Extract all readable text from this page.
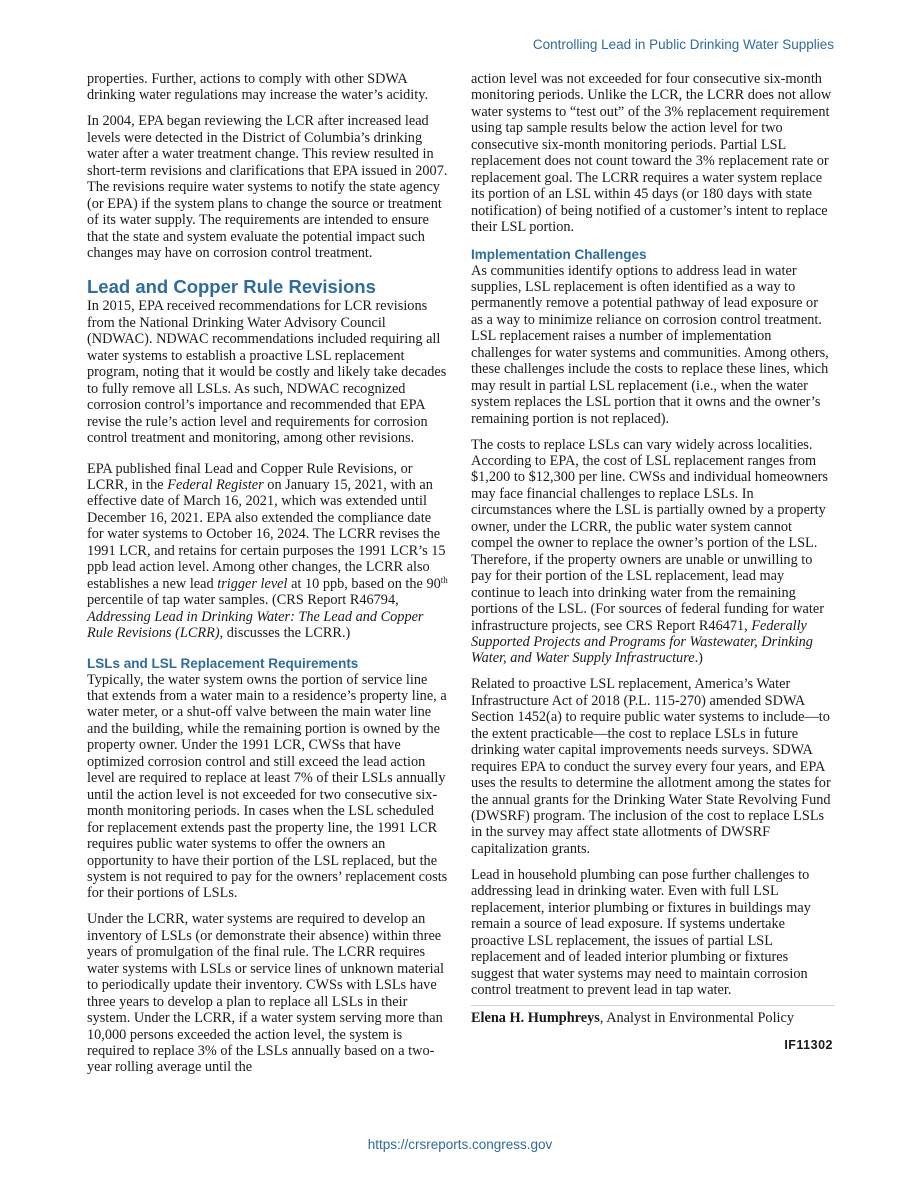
Controlling Lead in Public Drinking Water Supplies

properties. Further, actions to comply with other SDWA drinking water regulations may increase the water’s acidity.

In 2004, EPA began reviewing the LCR after increased lead levels were detected in the District of Columbia’s drinking water after a water treatment change. This review resulted in short-term revisions and clarifications that EPA issued in 2007. The revisions require water systems to notify the state agency (or EPA) if the system plans to change the source or treatment of its water supply. The requirements are intended to ensure that the state and system evaluate the potential impact such changes may have on corrosion control treatment.

Lead and Copper Rule Revisions

In 2015, EPA received recommendations for LCR revisions from the National Drinking Water Advisory Council (NDWAC). NDWAC recommendations included requiring all water systems to establish a proactive LSL replacement program, noting that it would be costly and likely take decades to fully remove all LSLs. As such, NDWAC recognized corrosion control’s importance and recommended that EPA revise the rule’s action level and requirements for corrosion control treatment and monitoring, among other revisions.

EPA published final Lead and Copper Rule Revisions, or LCRR, in the Federal Register on January 15, 2021, with an effective date of March 16, 2021, which was extended until December 16, 2021. EPA also extended the compliance date for water systems to October 16, 2024. The LCRR revises the 1991 LCR, and retains for certain purposes the 1991 LCR’s 15 ppb lead action level. Among other changes, the LCRR also establishes a new lead trigger level at 10 ppb, based on the 90th percentile of tap water samples. (CRS Report R46794, Addressing Lead in Drinking Water: The Lead and Copper Rule Revisions (LCRR), discusses the LCRR.)

LSLs and LSL Replacement Requirements

Typically, the water system owns the portion of service line that extends from a water main to a residence’s property line, a water meter, or a shut-off valve between the main water line and the building, while the remaining portion is owned by the property owner. Under the 1991 LCR, CWSs that have optimized corrosion control and still exceed the lead action level are required to replace at least 7% of their LSLs annually until the action level is not exceeded for two consecutive six-month monitoring periods. In cases when the LSL scheduled for replacement extends past the property line, the 1991 LCR requires public water systems to offer the owners an opportunity to have their portion of the LSL replaced, but the system is not required to pay for the owners’ replacement costs for their portions of LSLs.

Under the LCRR, water systems are required to develop an inventory of LSLs (or demonstrate their absence) within three years of promulgation of the final rule. The LCRR requires water systems with LSLs or service lines of unknown material to periodically update their inventory. CWSs with LSLs have three years to develop a plan to replace all LSLs in their system. Under the LCRR, if a water system serving more than 10,000 persons exceeded the action level, the system is required to replace 3% of the LSLs annually based on a two-year rolling average until the

action level was not exceeded for four consecutive six-month monitoring periods. Unlike the LCR, the LCRR does not allow water systems to “test out” of the 3% replacement requirement using tap sample results below the action level for two consecutive six-month monitoring periods. Partial LSL replacement does not count toward the 3% replacement rate or replacement goal. The LCRR requires a water system replace its portion of an LSL within 45 days (or 180 days with state notification) of being notified of a customer’s intent to replace their LSL portion.

Implementation Challenges

As communities identify options to address lead in water supplies, LSL replacement is often identified as a way to permanently remove a potential pathway of lead exposure or as a way to minimize reliance on corrosion control treatment. LSL replacement raises a number of implementation challenges for water systems and communities. Among others, these challenges include the costs to replace these lines, which may result in partial LSL replacement (i.e., when the water system replaces the LSL portion that it owns and the owner’s remaining portion is not replaced).

The costs to replace LSLs can vary widely across localities. According to EPA, the cost of LSL replacement ranges from $1,200 to $12,300 per line. CWSs and individual homeowners may face financial challenges to replace LSLs. In circumstances where the LSL is partially owned by a property owner, under the LCRR, the public water system cannot compel the owner to replace the owner’s portion of the LSL. Therefore, if the property owners are unable or unwilling to pay for their portion of the LSL replacement, lead may continue to leach into drinking water from the remaining portions of the LSL. (For sources of federal funding for water infrastructure projects, see CRS Report R46471, Federally Supported Projects and Programs for Wastewater, Drinking Water, and Water Supply Infrastructure.)

Related to proactive LSL replacement, America’s Water Infrastructure Act of 2018 (P.L. 115-270) amended SDWA Section 1452(a) to require public water systems to include—to the extent practicable—the cost to replace LSLs in future drinking water capital improvements needs surveys. SDWA requires EPA to conduct the survey every four years, and EPA uses the results to determine the allotment among the states for the annual grants for the Drinking Water State Revolving Fund (DWSRF) program. The inclusion of the cost to replace LSLs in the survey may affect state allotments of DWSRF capitalization grants.

Lead in household plumbing can pose further challenges to addressing lead in drinking water. Even with full LSL replacement, interior plumbing or fixtures in buildings may remain a source of lead exposure. If systems undertake proactive LSL replacement, the issues of partial LSL replacement and of leaded interior plumbing or fixtures suggest that water systems may need to maintain corrosion control treatment to prevent lead in tap water.

Elena H. Humphreys, Analyst in Environmental Policy

IF11302
https://crsreports.congress.gov
